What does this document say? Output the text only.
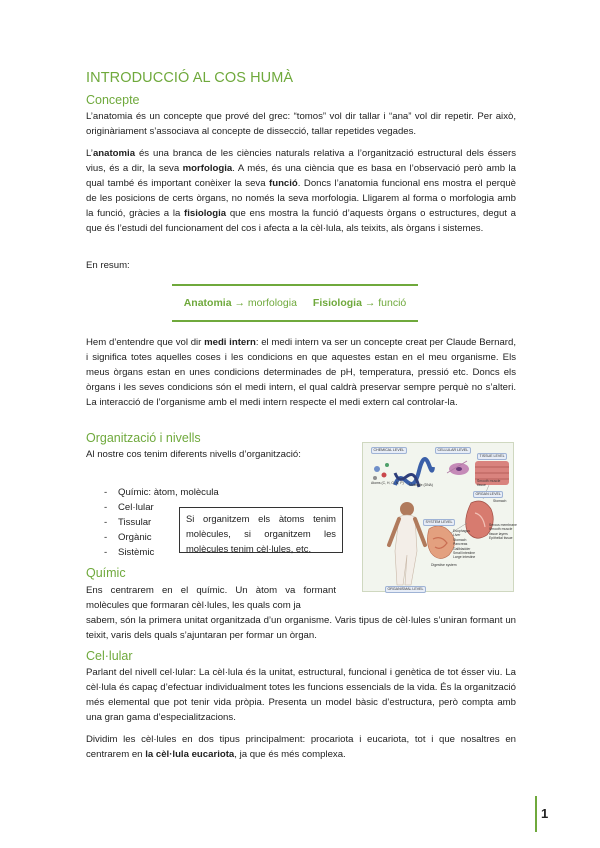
INTRODUCCIÓ AL COS HUMÀ
Concepte
L’anatomia és un concepte que prové del grec: “tomos” vol dir tallar i “ana” vol dir repetir. Per això, originàriament s’associava al concepte de dissecció, tallar repetides vegades.
L’anatomia és una branca de les ciències naturals relativa a l’organització estructural dels éssers vius, és a dir, la seva morfologia. A més, és una ciència que es basa en l’observació però amb la qual també és important conèixer la seva funció. Doncs l’anatomia funcional ens mostra el perquè de les posicions de certs òrgans, no només la seva morfologia. Lligarem al forma o morfologia amb la funció, gràcies a la fisiologia que ens mostra la funció d’aquests òrgans o estructures, degut a que és l’estudi del funcionament del cos i afecta a la cèl·lula, als teixits, als òrgans i sistemes.
En resum:
Anatomia → morfologia Fisiologia → funció
Hem d’entendre que vol dir medi intern: el medi intern va ser un concepte creat per Claude Bernard, i significa totes aquelles coses i les condicions en que aquestes estan en el meu organisme. Els meus òrgans estan en unes condicions determinades de pH, temperatura, pressió etc. Doncs els òrgans i les seves condicions són el medi intern, el qual caldrà preservar sempre perquè no s’alteri. La interacció de l’organisme amb el medi intern respecte el medi extern cal controlar-la.
Organització i nivells
Al nostre cos tenim diferents nivells d’organització:
- Químic: àtom, molècula
- Cel·lular
- Tissular
- Orgànic
- Sistèmic
Si organitzem els àtoms tenim molècules, si organitzem les molècules tenim cèl·lules, etc.
CHEMICAL LEVEL	CELLULAR LEVEL
TISSUE LEVEL
ORGAN LEVEL
SYSTEM LEVEL
ORGANISMAL LEVEL
Atoms (C, H, O, N, P) Molecule (DNA)
Smooth muscle
tissue
Stomach
Serous membrane
Smooth muscle
tissue layers
Epithelial tissue
Digestive system
Esophagus
Liver
Stomach
Pancreas
Gallbladder
Small intestine
Large intestine
Químic
Ens centrarem en el químic. Un àtom va formant molècules que formaran cèl·lules, les quals com ja
sabem, són la primera unitat organitzada d’un organisme. Varis tipus de cèl·lules s’uniran formant un teixit, varis dels quals s’ajuntaran per formar un òrgan.
Cel·lular
Parlant del nivell cel·lular: La cèl·lula és la unitat, estructural, funcional i genètica de tot ésser viu. La cèl·lula és capaç d’efectuar individualment totes les funcions essencials de la vida. És la organització més elemental que pot tenir vida pròpia. Presenta un model bàsic d’estructura, però compta amb una gran gama d’especialitzacions.
Dividim les cèl·lules en dos tipus principalment: procariota i eucariota, tot i que nosaltres en centrarem en la cèl·lula eucariota, ja que és més complexa.
1
